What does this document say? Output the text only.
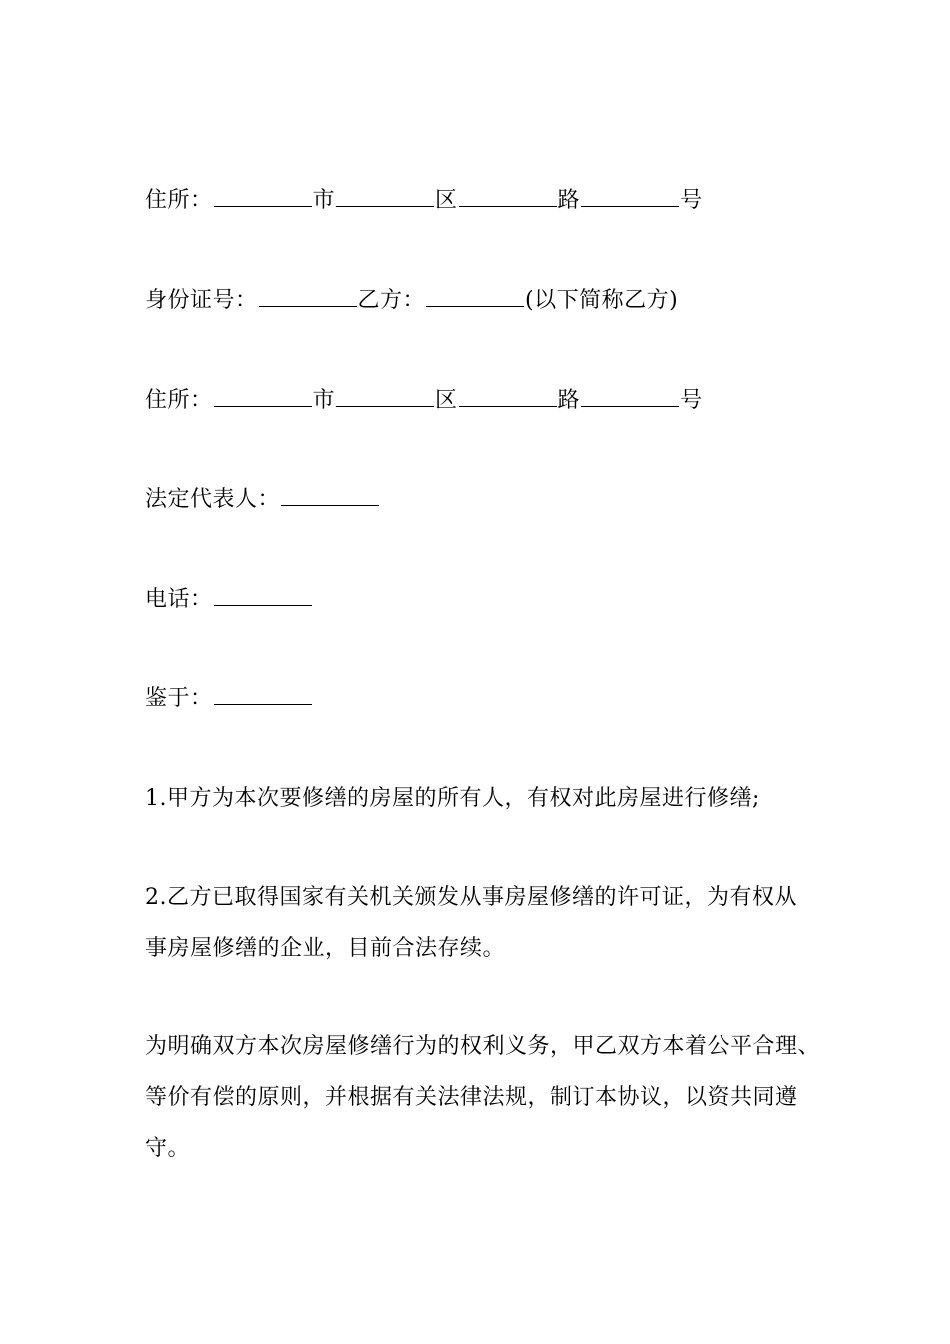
住所：	市	区	路	号
身份证号：	乙方：	(以下简称乙方)
住所：	市	区	路	号
法定代表人：
电话：
鉴于：
1.甲方为本次要修缮的房屋的所有人，有权对此房屋进行修缮;
2.乙方已取得国家有关机关颁发从事房屋修缮的许可证，为有权从事房屋修缮的企业，目前合法存续。
为明确双方本次房屋修缮行为的权利义务，甲乙双方本着公平合理、等价有偿的原则，并根据有关法律法规，制订本协议，以资共同遵守。
